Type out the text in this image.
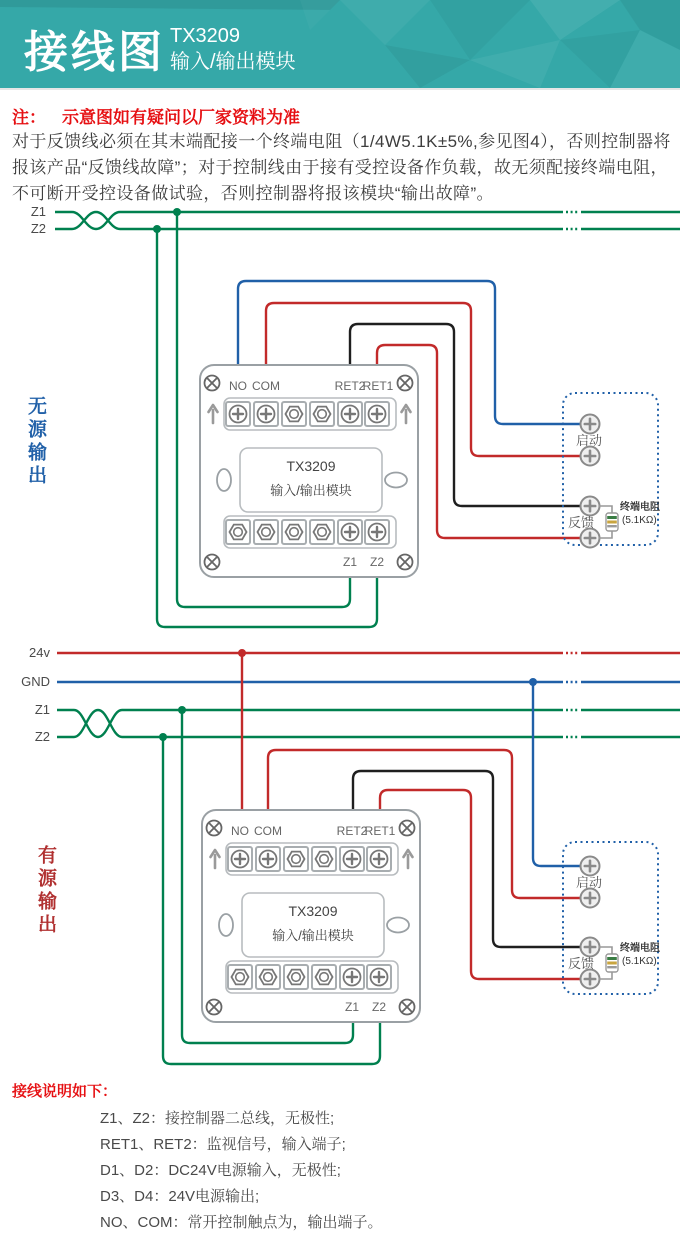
接线图 TX3209
输入/输出模块
注： 示意图如有疑问以厂家资料为准
对于反馈线必须在其末端配接一个终端电阻（1/4W5.1K±5%,参见图4），否则控制器将报该产品“反馈线故障”；对于控制线由于接有受控设备作负载，故无须配接终端电阻，不可断开受控设备做试验，否则控制器将报该模块“输出故障”。
无源输出
有源输出
Z1
Z2
NO COM	RET2
RET1
TX3209
输入/输出模块
Z1 Z2
启动
反馈
终端电阻
(5.1KΩ)
24v
GND
Z1
Z2
NO COM	RET2
RET1
TX3209
输入/输出模块
Z1 Z2
启动
反馈
终端电阻
(5.1KΩ)
接线说明如下：
Z1、Z2：接控制器二总线，无极性;
RET1、RET2：监视信号，输入端子;
D1、D2：DC24V电源输入，无极性;
D3、D4：24V电源输出;
NO、COM：常开控制触点为，输出端子。
